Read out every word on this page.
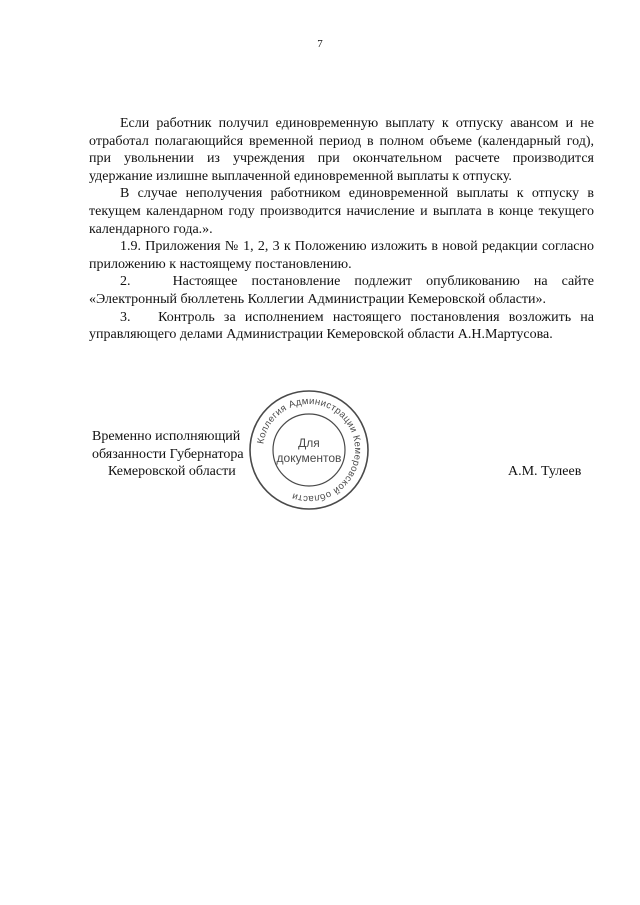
7

Если работник получил единовременную выплату к отпуску авансом и не отработал полагающийся временной период в полном объеме (календарный год), при увольнении из учреждения при окончательном расчете производится удержание излишне выплаченной единовременной выплаты к отпуску.

В случае неполучения работником единовременной выплаты к отпуску в текущем календарном году производится начисление и выплата в конце текущего календарного года.».

1.9. Приложения № 1, 2, 3 к Положению изложить в новой редакции согласно приложению к настоящему постановлению.

2.   Настоящее постановление подлежит опубликованию на сайте «Электронный бюллетень Коллегии Администрации Кемеровской области».

3.   Контроль за исполнением настоящего постановления возложить на управляющего делами Администрации Кемеровской области А.Н.Мартусова.

Временно исполняющий
обязанности Губернатора
Кемеровской области	А.М. Тулеев
Коллегия Администрации Кемеровской области
Для
документов
